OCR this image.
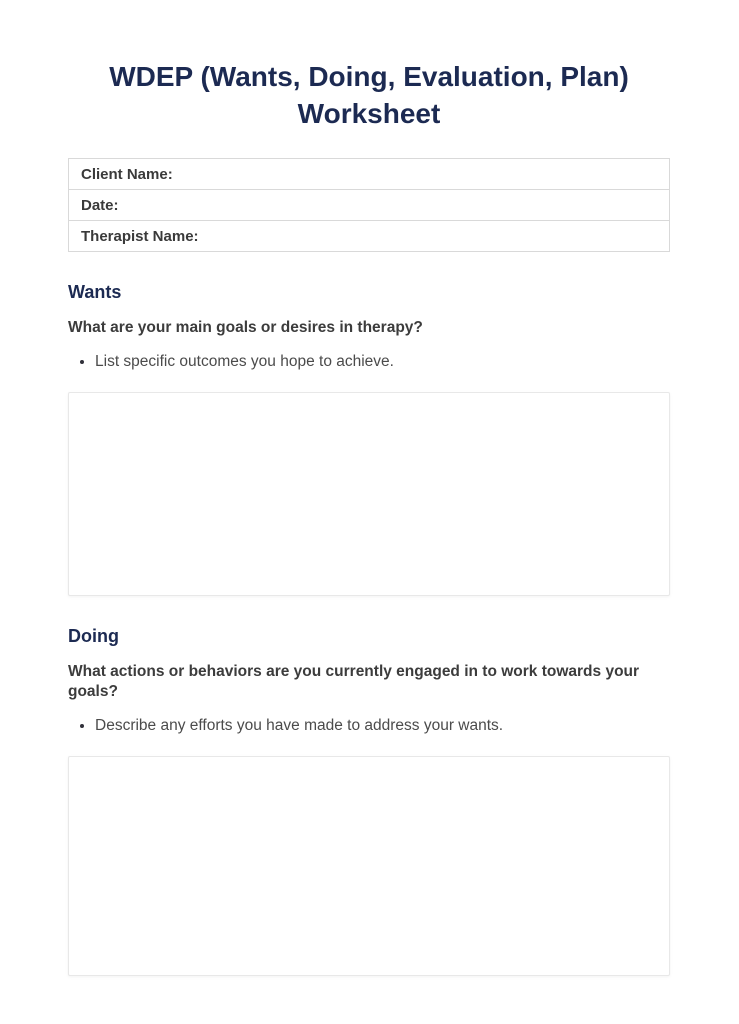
WDEP (Wants, Doing, Evaluation, Plan) Worksheet
Client Name:

Date:

Therapist Name:
Wants

What are your main goals or desires in therapy?

• List specific outcomes you hope to achieve.
Doing

What actions or behaviors are you currently engaged in to work towards your goals?

• Describe any efforts you have made to address your wants.
